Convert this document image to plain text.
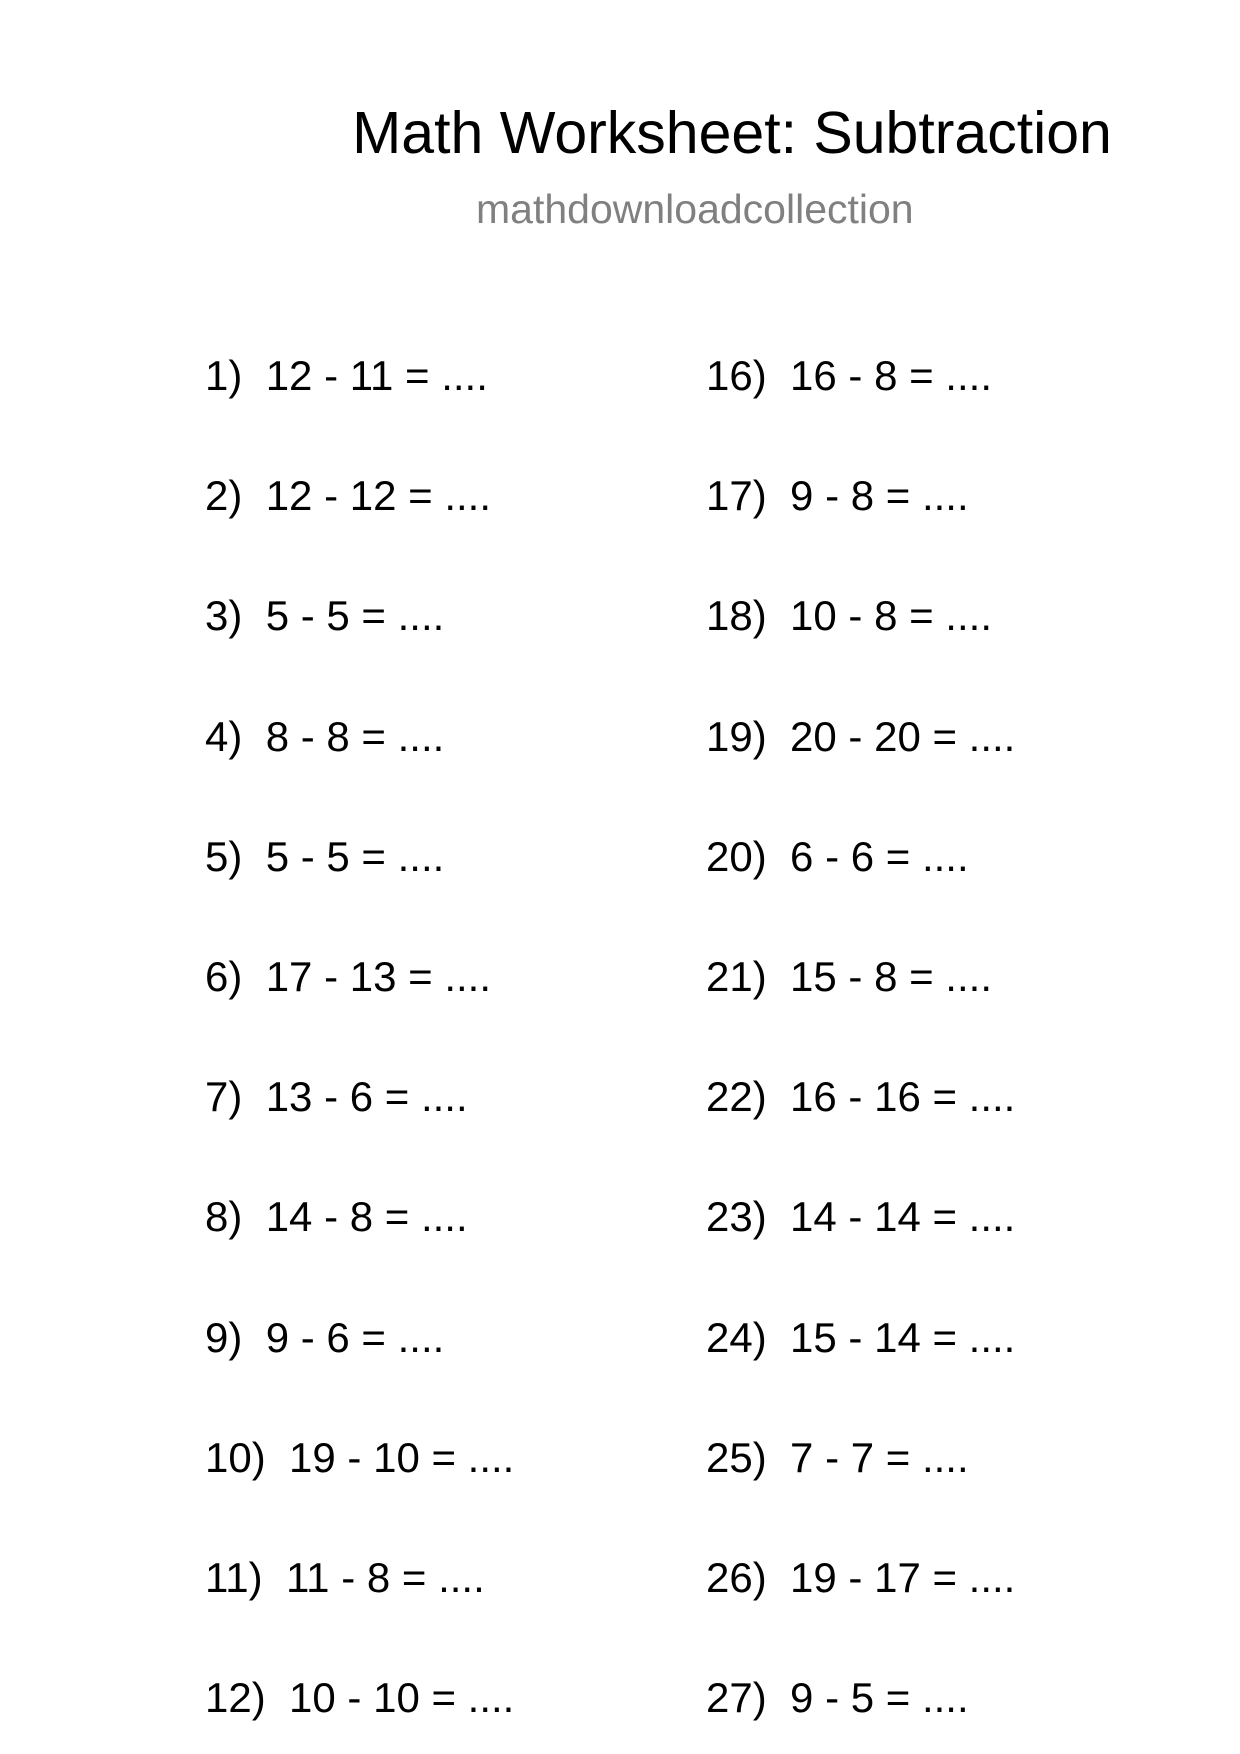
Math Worksheet: Subtraction
mathdownloadcollection
1) 12 - 11 = ....
2) 12 - 12 = ....
3) 5 - 5 = ....
4) 8 - 8 = ....
5) 5 - 5 = ....
6) 17 - 13 = ....
7) 13 - 6 = ....
8) 14 - 8 = ....
9) 9 - 6 = ....
10) 19 - 10 = ....
11) 11 - 8 = ....
12) 10 - 10 = ....
16) 16 - 8 = ....
17) 9 - 8 = ....
18) 10 - 8 = ....
19) 20 - 20 = ....
20) 6 - 6 = ....
21) 15 - 8 = ....
22) 16 - 16 = ....
23) 14 - 14 = ....
24) 15 - 14 = ....
25) 7 - 7 = ....
26) 19 - 17 = ....
27) 9 - 5 = ....
